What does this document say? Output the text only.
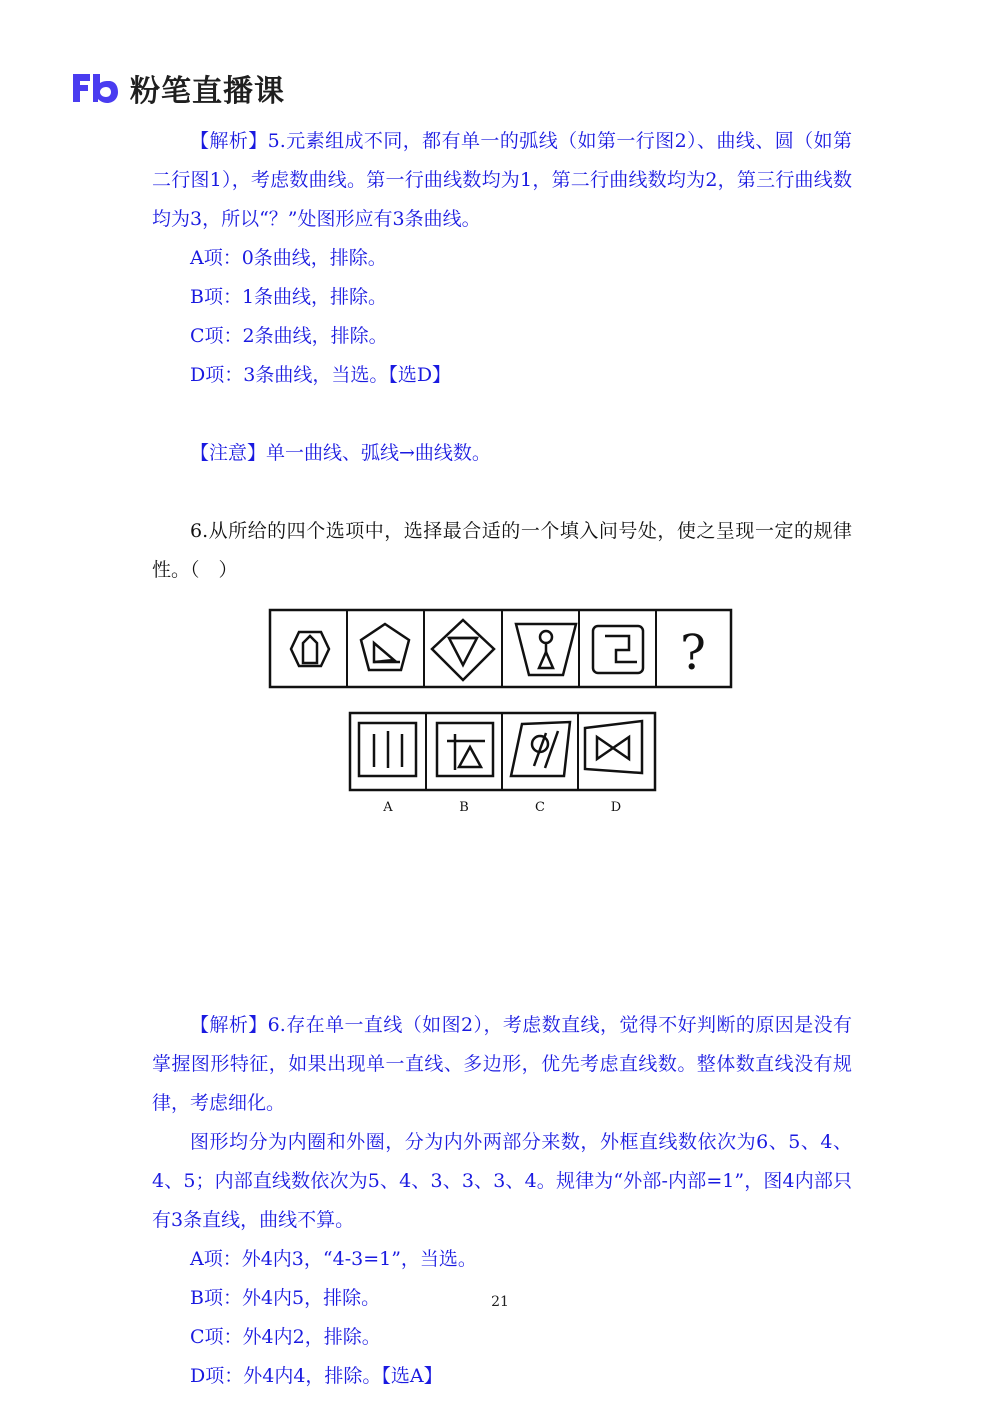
粉笔直播课

【解析】5.元素组成不同，都有单一的弧线（如第一行图2）、曲线、圆（如第二行图1），考虑数曲线。第一行曲线数均为1，第二行曲线数均为2，第三行曲线数均为3，所以“？”处图形应有3条曲线。

A项：0条曲线，排除。

B项：1条曲线，排除。

C项：2条曲线，排除。

D项：3条曲线，当选。【选D】

【注意】单一曲线、弧线→曲线数。

6.从所给的四个选项中，选择最合适的一个填入问号处，使之呈现一定的规律性。（　）

【解析】6.存在单一直线（如图2），考虑数直线，觉得不好判断的原因是没有掌握图形特征，如果出现单一直线、多边形，优先考虑直线数。整体数直线没有规律，考虑细化。

图形均分为内圈和外圈，分为内外两部分来数，外框直线数依次为6、5、4、4、5；内部直线数依次为5、4、3、3、3、4。规律为“外部-内部=1”，图4内部只有3条直线，曲线不算。

A项：外4内3，“4-3=1”，当选。

B项：外4内5，排除。

C项：外4内2，排除。

D项：外4内4，排除。【选A】

?
A	B	C	D
21
